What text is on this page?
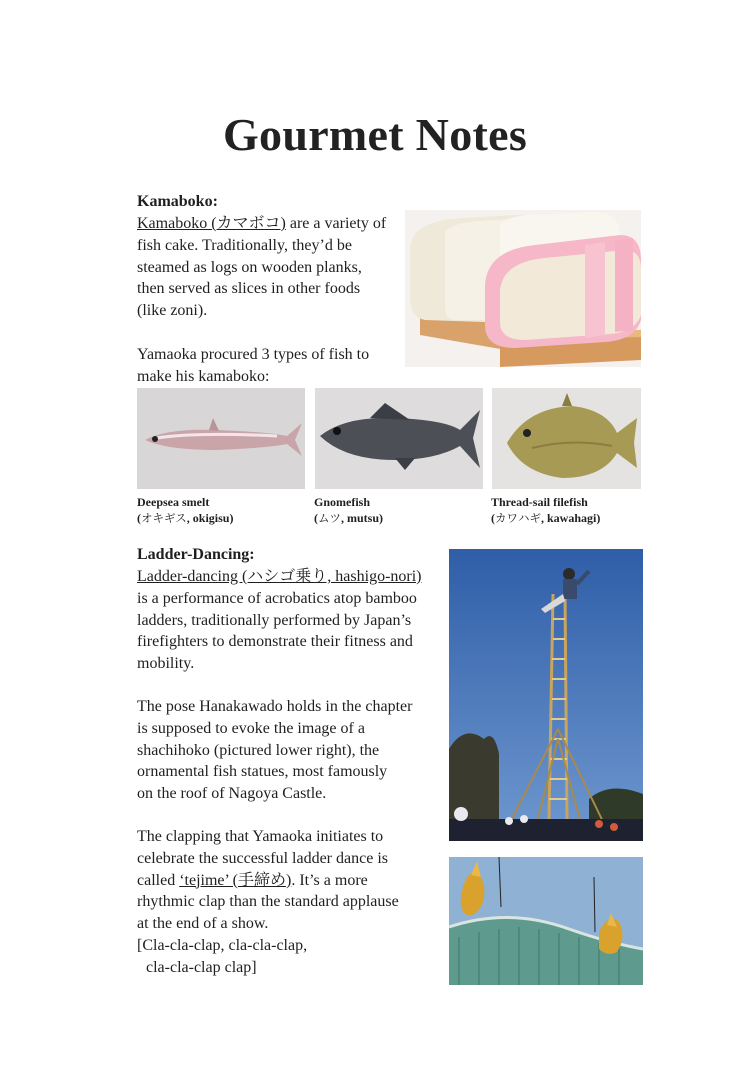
Gourmet Notes
Kamaboko:

Kamaboko (カマボコ) are a variety of

fish cake. Traditionally, they’d be

steamed as logs on wooden planks,

then served as slices in other foods

(like zoni).

Yamaoka procured 3 types of fish to

make his kamaboko:

Deepsea smelt
(オキギス, okigisu)
Gnomefish
(ムツ, mutsu)
Thread-sail filefish
(カワハギ, kawahagi)
Ladder-Dancing:

Ladder-dancing (ハシゴ乗り, hashigo-nori)

is a performance of acrobatics atop bamboo

ladders, traditionally performed by Japan’s

firefighters to demonstrate their fitness and

mobility.

The pose Hanakawado holds in the chapter

is supposed to evoke the image of a

shachihoko (pictured lower right), the

ornamental fish statues, most famously

on the roof of Nagoya Castle.

The clapping that Yamaoka initiates to

celebrate the successful ladder dance is

called ‘tejime’ (手締め). It’s a more

rhythmic clap than the standard applause

at the end of a show.

[Cla-cla-clap, cla-cla-clap,

cla-cla-clap clap]
